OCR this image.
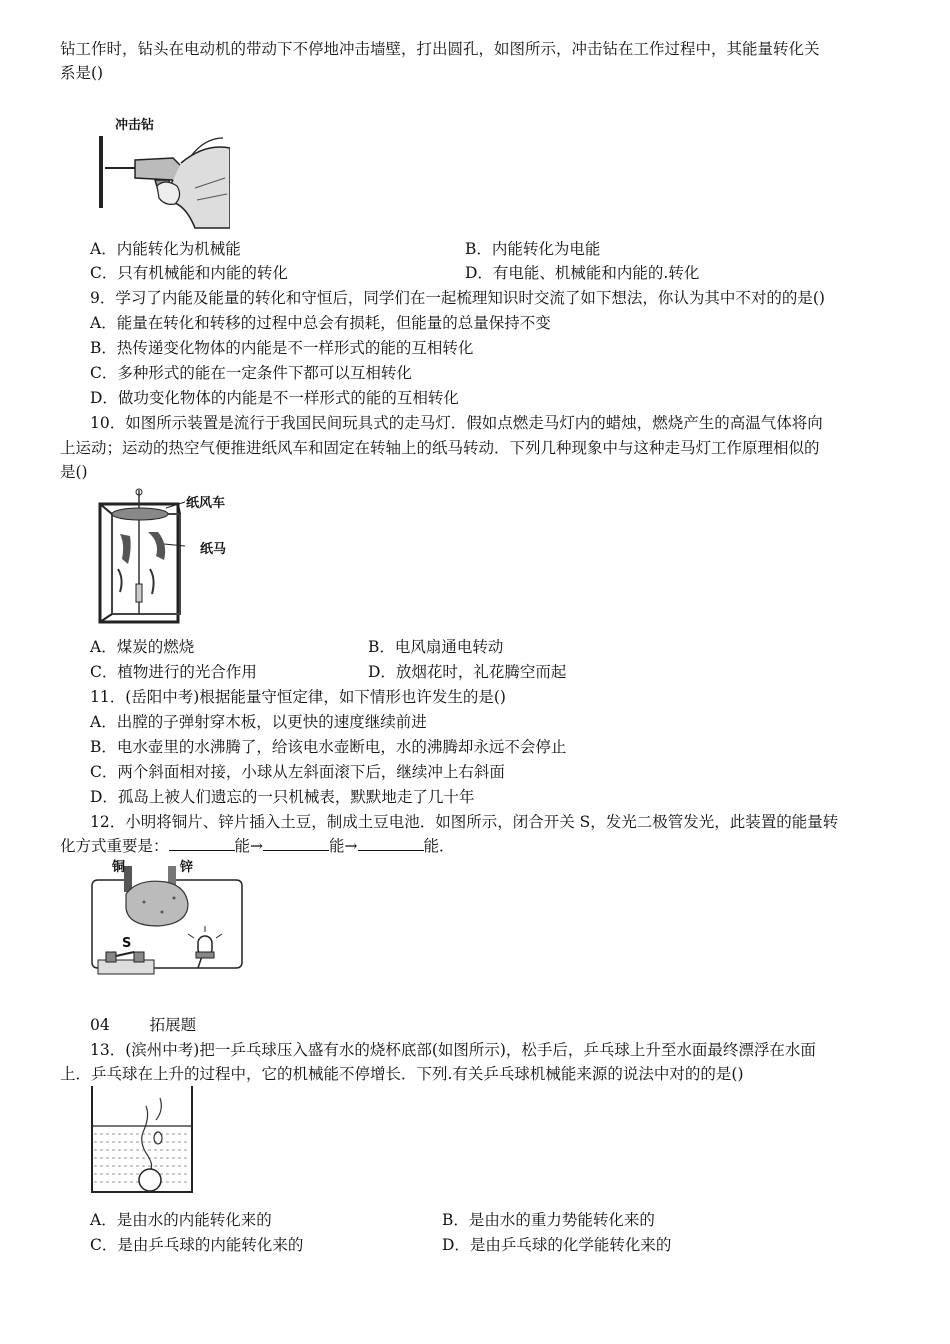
钻工作时，钻头在电动机的带动下不停地冲击墙壁，打出圆孔，如图所示，冲击钻在工作过程中，其能量转化关
系是()
冲击钻
A．内能转化为机械能	B．内能转化为电能
C．只有机械能和内能的转化	D．有电能、机械能和内能的.转化
9．学习了内能及能量的转化和守恒后，同学们在一起梳理知识时交流了如下想法，你认为其中不对的的是()
A．能量在转化和转移的过程中总会有损耗，但能量的总量保持不变
B．热传递变化物体的内能是不一样形式的能的互相转化
C．多种形式的能在一定条件下都可以互相转化
D．做功变化物体的内能是不一样形式的能的互相转化
10．如图所示装置是流行于我国民间玩具式的走马灯．假如点燃走马灯内的蜡烛，燃烧产生的高温气体将向
上运动；运动的热空气便推进纸风车和固定在转轴上的纸马转动．下列几种现象中与这种走马灯工作原理相似的
是()
纸风车
纸马
A．煤炭的燃烧	B．电风扇通电转动
C．植物进行的光合作用	D．放烟花时，礼花腾空而起
11．(岳阳中考)根据能量守恒定律，如下情形也许发生的是()
A．出膛的子弹射穿木板，以更快的速度继续前进
B．电水壶里的水沸腾了，给该电水壶断电，水的沸腾却永远不会停止
C．两个斜面相对接，小球从左斜面滚下后，继续冲上右斜面
D．孤岛上被人们遗忘的一只机械表，默默地走了几十年
12．小明将铜片、锌片插入土豆，制成土豆电池．如图所示，闭合开关 S，发光二极管发光，此装置的能量转
化方式重要是：	能→	能→	能．
铜	锌
S
04	拓展题
13．(滨州中考)把一乒乓球压入盛有水的烧杯底部(如图所示)，松手后，乒乓球上升至水面最终漂浮在水面
上．乒乓球在上升的过程中，它的机械能不停增长．下列.有关乒乓球机械能来源的说法中对的的是()
A．是由水的内能转化来的	B．是由水的重力势能转化来的
C．是由乒乓球的内能转化来的	D．是由乒乓球的化学能转化来的
